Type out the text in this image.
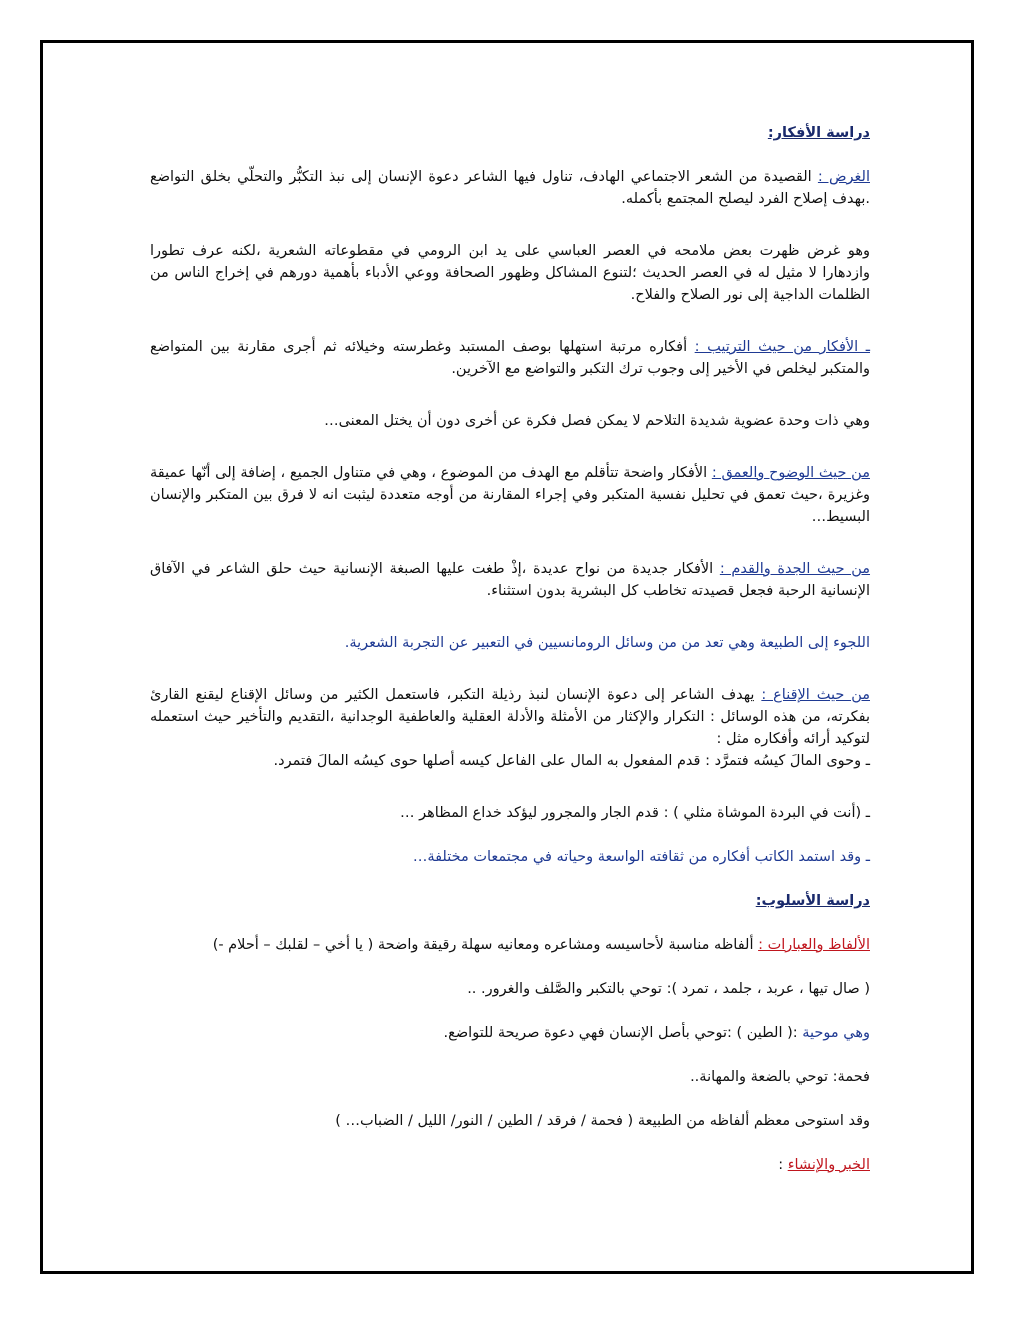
دراسة الأفكار:

الغرض : القصيدة من الشعر الاجتماعي الهادف، تناول فيها الشاعر دعوة الإنسان إلى نبذ التكبُّر والتحلّي بخلق التواضع .بهدف إصلاح الفرد ليصلح المجتمع بأكمله.

وهو غرض ظهرت بعض ملامحه في العصر العباسي على يد ابن الرومي في مقطوعاته الشعرية ،لكنه عرف تطورا وازدهارا لا مثيل له في العصر الحديث ؛لتنوع المشاكل وظهور الصحافة ووعي الأدباء بأهمية دورهم في إخراج الناس من الظلمات الداجية إلى نور الصلاح والفلاح.

ـ الأفكار من حيث الترتيب : أفكاره مرتبة استهلها بوصف المستبد وغطرسته وخيلائه ثم أجرى مقارنة بين المتواضع والمتكبر ليخلص في الأخير إلى وجوب ترك التكبر والتواضع مع الآخرين.

وهي ذات وحدة عضوية شديدة التلاحم لا يمكن فصل فكرة عن أخرى دون أن يختل المعنى…

من حيث الوضوح والعمق : الأفكار واضحة تتأقلم مع الهدف من الموضوع ، وهي في متناول الجميع ، إضافة إلى أنّها عميقة وغزيرة ،حيث تعمق في تحليل نفسية المتكبر وفي إجراء المقارنة من أوجه متعددة ليثبت انه لا فرق بين المتكبر والإنسان البسيط…

من حيث الجدة والقدم : الأفكار جديدة من نواح عديدة ،إذْ طغت عليها الصبغة الإنسانية حيث حلق الشاعر في الآفاق الإنسانية الرحبة فجعل قصيدته تخاطب كل البشرية بدون استثناء.

اللجوء إلى الطبيعة وهي تعد من من وسائل الرومانسيين في التعبير عن التجربة الشعرية.

من حيث الإقناع : يهدف الشاعر إلى دعوة الإنسان لنبذ رذيلة التكبر، فاستعمل الكثير من وسائل الإقناع ليقنع القارئ بفكرته، من هذه الوسائل : التكرار والإكثار من الأمثلة والأدلة العقلية والعاطفية الوجدانية ،التقديم والتأخير حيث استعمله لتوكيد أرائه وأفكاره مثل :

ـ وحوى المالَ كيسُه فتمرَّد : قدم المفعول به المال على الفاعل كيسه أصلها حوى كيسُه المالَ فتمرد.

ـ (أنت في البردة الموشاة مثلي ) : قدم الجار والمجرور ليؤكد خداع المظاهر …

ـ وقد استمد الكاتب أفكاره من ثقافته الواسعة وحياته في مجتمعات مختلفة…

دراسة الأسلوب:

الألفاظ والعبارات : ألفاظه مناسبة لأحاسيسه ومشاعره ومعانيه سهلة رقيقة واضحة ( يا أخي – لقلبك – أحلام -)

( صال تيها ، عربد ، جلمد ، تمرد ): توحي بالتكبر والصَّلف والغرور. ..

وهي موحية :( الطين ) :توحي بأصل الإنسان فهي دعوة صريحة للتواضع.

فحمة: توحي بالضعة والمهانة..

وقد استوحى معظم ألفاظه من الطبيعة ( فحمة / فرقد / الطين / النور/ الليل / الضباب… )

الخبر والإنشاء :
